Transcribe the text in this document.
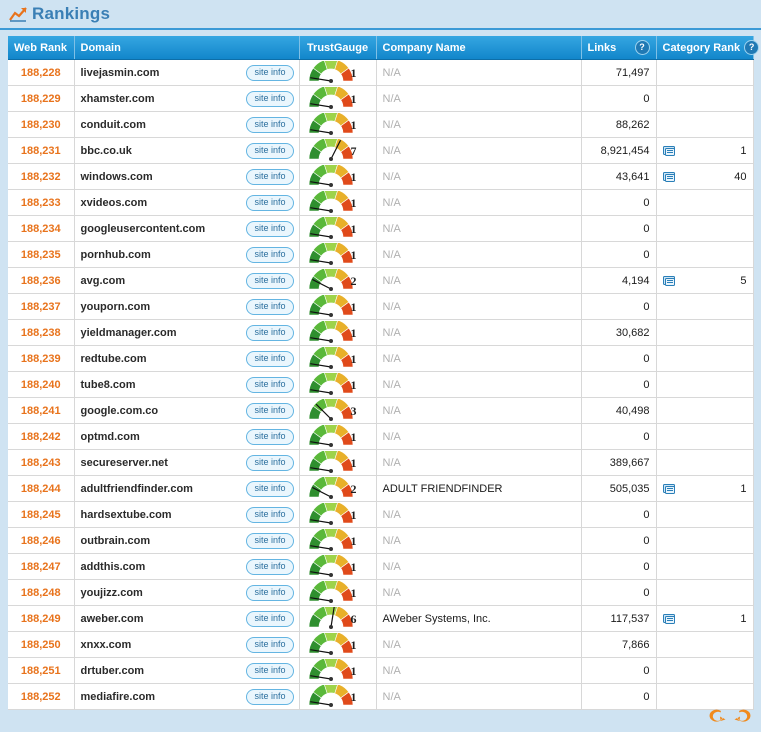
Rankings
Web Rank	Domain	TrustGauge	Company Name	Links ?	Category Rank ?

188,228	livejasmin.com site info	1	N/A	71,497	
188,229	xhamster.com site info	1	N/A	0	
188,230	conduit.com site info	1	N/A	88,262	
188,231	bbc.co.uk site info	7	N/A	8,921,454	1
188,232	windows.com site info	1	N/A	43,641	40
188,233	xvideos.com site info	1	N/A	0	
188,234	googleusercontent.com site info	1	N/A	0	
188,235	pornhub.com site info	1	N/A	0	
188,236	avg.com site info	2	N/A	4,194	5
188,237	youporn.com site info	1	N/A	0	
188,238	yieldmanager.com site info	1	N/A	30,682	
188,239	redtube.com site info	1	N/A	0	
188,240	tube8.com site info	1	N/A	0	
188,241	google.com.co site info	3	N/A	40,498	
188,242	optmd.com site info	1	N/A	0	
188,243	secureserver.net site info	1	N/A	389,667	
188,244	adultfriendfinder.com site info	2	ADULT FRIENDFINDER	505,035	1
188,245	hardsextube.com site info	1	N/A	0	
188,246	outbrain.com site info	1	N/A	0	
188,247	addthis.com site info	1	N/A	0	
188,248	youjizz.com site info	1	N/A	0	
188,249	aweber.com site info	6	AWeber Systems, Inc.	117,537	1
188,250	xnxx.com site info	1	N/A	7,866	
188,251	drtuber.com site info	1	N/A	0	
188,252	mediafire.com site info	1	N/A	0	
